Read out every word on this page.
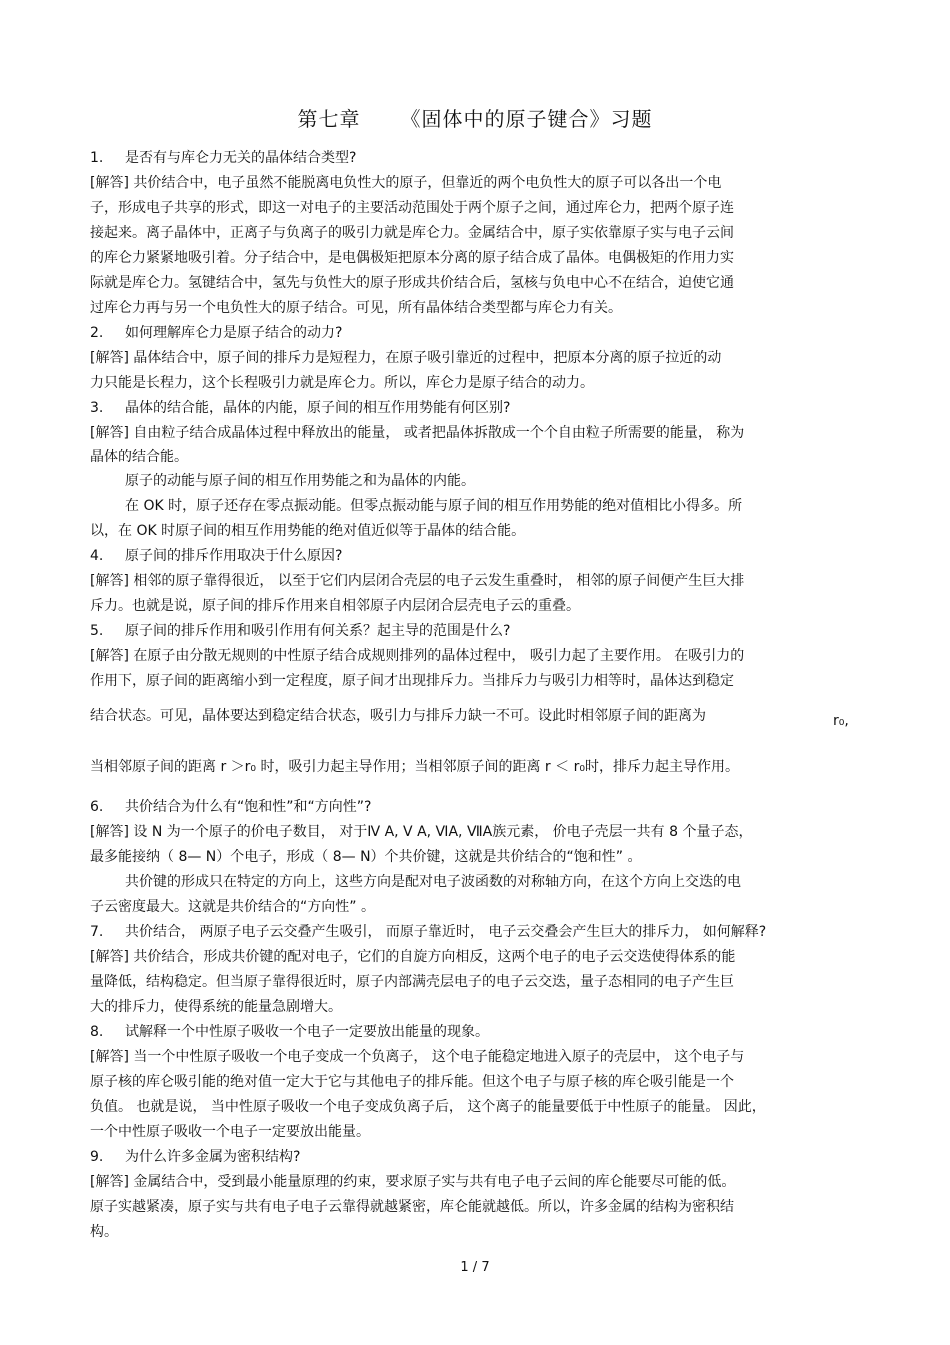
第七章 《固体中的原子键合》习题
1. 是否有与库仑力无关的晶体结合类型?
[解答] 共价结合中，电子虽然不能脱离电负性大的原子，但靠近的两个电负性大的原子可以各出一个电
子，形成电子共享的形式，即这一对电子的主要活动范围处于两个原子之间，通过库仑力，把两个原子连
接起来。离子晶体中，正离子与负离子的吸引力就是库仑力。金属结合中，原子实依靠原子实与电子云间
的库仑力紧紧地吸引着。分子结合中，是电偶极矩把原本分离的原子结合成了晶体。电偶极矩的作用力实
际就是库仑力。氢键结合中，氢先与负性大的原子形成共价结合后，氢核与负电中心不在结合，迫使它通
过库仑力再与另一个电负性大的原子结合。可见，所有晶体结合类型都与库仑力有关。
2. 如何理解库仑力是原子结合的动力?
[解答] 晶体结合中，原子间的排斥力是短程力，在原子吸引靠近的过程中，把原本分离的原子拉近的动
力只能是长程力，这个长程吸引力就是库仑力。所以，库仑力是原子结合的动力。
3. 晶体的结合能，晶体的内能，原子间的相互作用势能有何区别?
[解答] 自由粒子结合成晶体过程中释放出的能量， 或者把晶体拆散成一个个自由粒子所需要的能量， 称为
晶体的结合能。
原子的动能与原子间的相互作用势能之和为晶体的内能。
在 OK 时，原子还存在零点振动能。但零点振动能与原子间的相互作用势能的绝对值相比小得多。所
以，在 OK 时原子间的相互作用势能的绝对值近似等于晶体的结合能。
4. 原子间的排斥作用取决于什么原因?
[解答] 相邻的原子靠得很近， 以至于它们内层闭合壳层的电子云发生重叠时， 相邻的原子间便产生巨大排
斥力。也就是说，原子间的排斥作用来自相邻原子内层闭合层壳电子云的重叠。
5. 原子间的排斥作用和吸引作用有何关系？起主导的范围是什么?
[解答] 在原子由分散无规则的中性原子结合成规则排列的晶体过程中， 吸引力起了主要作用。 在吸引力的
作用下，原子间的距离缩小到一定程度，原子间才出现排斥力。当排斥力与吸引力相等时，晶体达到稳定
结合状态。可见，晶体要达到稳定结合状态，吸引力与排斥力缺一不可。设此时相邻原子间的距离为
当相邻原子间的距离 r ＞r₀ 时，吸引力起主导作用；当相邻原子间的距离 r ＜ r₀时，排斥力起主导作用。
6. 共价结合为什么有“饱和性”和“方向性”?
[解答] 设 N 为一个原子的价电子数目， 对于Ⅳ A, Ⅴ A, ⅥA, ⅦA族元素， 价电子壳层一共有 8 个量子态，
最多能接纳（ 8— N）个电子，形成（ 8— N）个共价键，这就是共价结合的“饱和性” 。
共价键的形成只在特定的方向上，这些方向是配对电子波函数的对称轴方向，在这个方向上交迭的电
子云密度最大。这就是共价结合的“方向性” 。
7. 共价结合， 两原子电子云交叠产生吸引， 而原子靠近时， 电子云交叠会产生巨大的排斥力， 如何解释?
[解答] 共价结合，形成共价键的配对电子，它们的自旋方向相反，这两个电子的电子云交迭使得体系的能
量降低，结构稳定。但当原子靠得很近时，原子内部满壳层电子的电子云交迭，量子态相同的电子产生巨
大的排斥力，使得系统的能量急剧增大。
8. 试解释一个中性原子吸收一个电子一定要放出能量的现象。
[解答] 当一个中性原子吸收一个电子变成一个负离子， 这个电子能稳定地进入原子的壳层中， 这个电子与
原子核的库仑吸引能的绝对值一定大于它与其他电子的排斥能。但这个电子与原子核的库仑吸引能是一个
负值。 也就是说， 当中性原子吸收一个电子变成负离子后， 这个离子的能量要低于中性原子的能量。 因此，
一个中性原子吸收一个电子一定要放出能量。
9. 为什么许多金属为密积结构?
[解答] 金属结合中，受到最小能量原理的约束，要求原子实与共有电子电子云间的库仑能要尽可能的低。
原子实越紧凑，原子实与共有电子电子云靠得就越紧密，库仑能就越低。所以，许多金属的结构为密积结
构。
r₀,
1 / 7
